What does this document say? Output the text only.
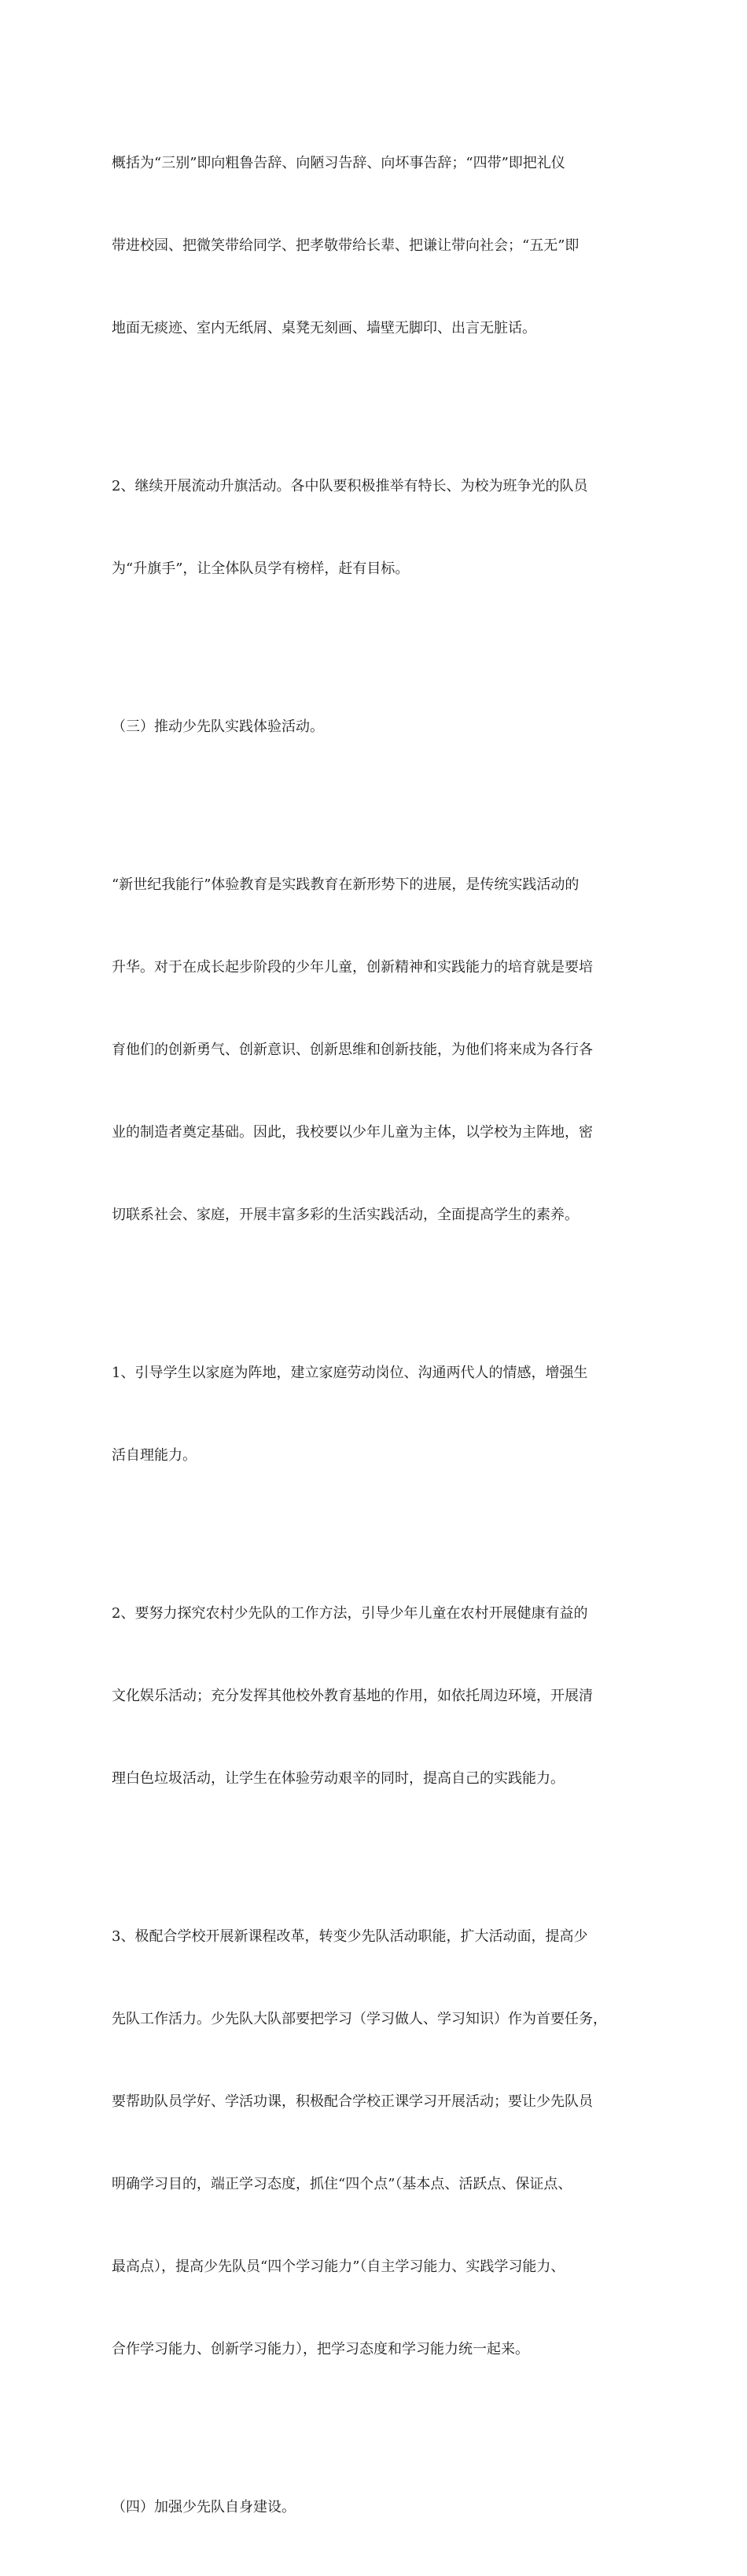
概括为“三别”即向粗鲁告辞、向陋习告辞、向坏事告辞；“四带”即把礼仪

带进校园、把微笑带给同学、把孝敬带给长辈、把谦让带向社会；“五无”即

地面无痰迹、室内无纸屑、桌凳无刻画、墙壁无脚印、出言无脏话。

2、继续开展流动升旗活动。各中队要积极推举有特长、为校为班争光的队员

为“升旗手”，让全体队员学有榜样，赶有目标。

（三）推动少先队实践体验活动。

“新世纪我能行”体验教育是实践教育在新形势下的进展，是传统实践活动的

升华。对于在成长起步阶段的少年儿童，创新精神和实践能力的培育就是要培

育他们的创新勇气、创新意识、创新思维和创新技能，为他们将来成为各行各

业的制造者奠定基础。因此，我校要以少年儿童为主体，以学校为主阵地，密

切联系社会、家庭，开展丰富多彩的生活实践活动，全面提高学生的素养。

1、引导学生以家庭为阵地，建立家庭劳动岗位、沟通两代人的情感，增强生

活自理能力。

2、要努力探究农村少先队的工作方法，引导少年儿童在农村开展健康有益的

文化娱乐活动；充分发挥其他校外教育基地的作用，如依托周边环境，开展清

理白色垃圾活动，让学生在体验劳动艰辛的同时，提高自己的实践能力。

3、极配合学校开展新课程改革，转变少先队活动职能，扩大活动面，提高少

先队工作活力。少先队大队部要把学习（学习做人、学习知识）作为首要任务，

要帮助队员学好、学活功课，积极配合学校正课学习开展活动；要让少先队员

明确学习目的，端正学习态度，抓住“四个点”（基本点、活跃点、保证点、

最高点），提高少先队员“四个学习能力”（自主学习能力、实践学习能力、

合作学习能力、创新学习能力），把学习态度和学习能力统一起来。

（四）加强少先队自身建设。
